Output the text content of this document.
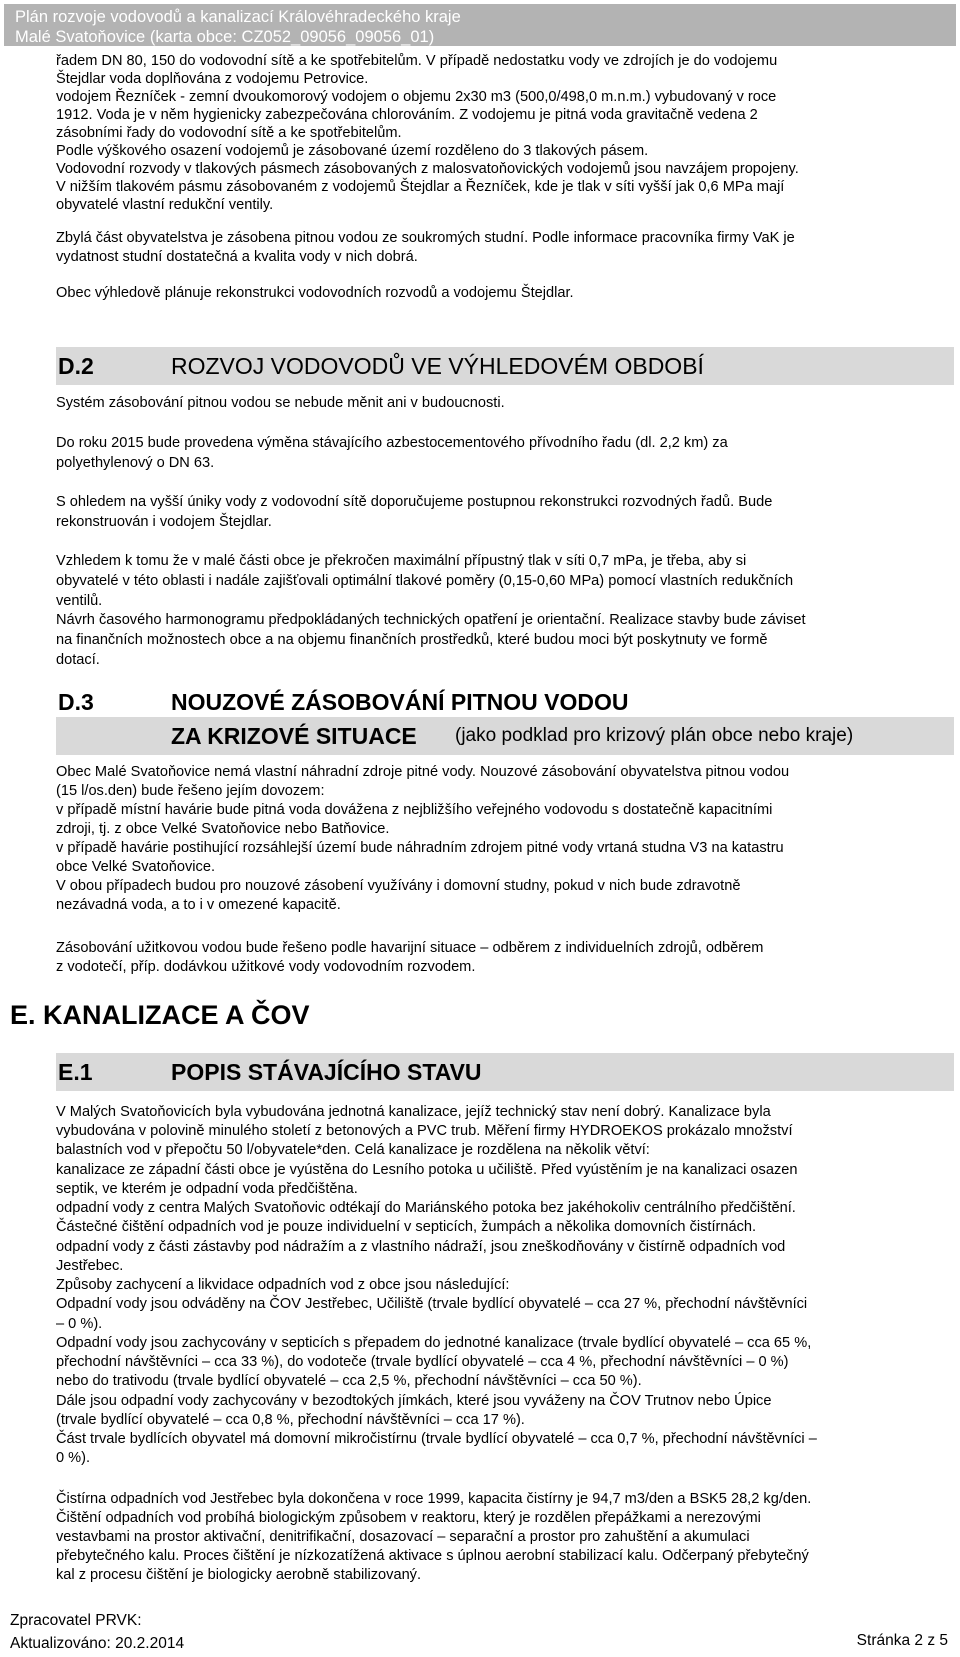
Plán rozvoje vodovodů a kanalizací Královéhradeckého kraje
Malé Svatoňovice (karta obce: CZ052_09056_09056_01)
řadem DN 80, 150 do vodovodní sítě a ke spotřebitelům. V případě nedostatku vody ve zdrojích je do vodojemu
Štejdlar voda doplňována z vodojemu Petrovice.
vodojem Řezníček - zemní dvoukomorový vodojem o objemu 2x30 m3 (500,0/498,0 m.n.m.) vybudovaný v roce
1912. Voda je v něm hygienicky zabezpečována chlorováním. Z vodojemu je pitná voda gravitačně vedena 2
zásobními řady do vodovodní sítě a ke spotřebitelům.
Podle výškového osazení vodojemů je zásobované území rozděleno do 3 tlakových pásem.
Vodovodní rozvody v tlakových pásmech zásobovaných z malosvatoňovických vodojemů jsou navzájem propojeny.
V nižším tlakovém pásmu zásobovaném z vodojemů Štejdlar a Řezníček, kde je tlak v síti vyšší jak 0,6 MPa mají
obyvatelé vlastní redukční ventily.
Zbylá část obyvatelstva je zásobena pitnou vodou ze soukromých studní. Podle informace pracovníka firmy VaK je
vydatnost studní dostatečná a kvalita vody v nich dobrá.
Obec výhledově plánuje rekonstrukci vodovodních rozvodů a vodojemu Štejdlar.
D.2	ROZVOJ VODOVODŮ VE VÝHLEDOVÉM OBDOBÍ
Systém zásobování pitnou vodou se nebude měnit ani v budoucnosti.
Do roku 2015 bude provedena výměna stávajícího azbestocementového přívodního řadu (dl. 2,2 km) za
polyethylenový o DN 63.
S ohledem na vyšší úniky vody z vodovodní sítě doporučujeme postupnou rekonstrukci rozvodných řadů. Bude
rekonstruován i vodojem Štejdlar.
Vzhledem k tomu že v malé části obce je překročen maximální přípustný tlak v síti 0,7 mPa, je třeba, aby si
obyvatelé v této oblasti i nadále zajišťovali optimální tlakové poměry (0,15-0,60 MPa) pomocí vlastních redukčních
ventilů.
Návrh časového harmonogramu předpokládaných technických opatření je orientační. Realizace stavby bude záviset
na finančních možnostech obce a na objemu finančních prostředků, které budou moci být poskytnuty ve formě
dotací.
D.3	NOUZOVÉ ZÁSOBOVÁNÍ PITNOU VODOU
ZA KRIZOVÉ SITUACE (jako podklad pro krizový plán obce nebo kraje)
Obec Malé Svatoňovice nemá vlastní náhradní zdroje pitné vody. Nouzové zásobování obyvatelstva pitnou vodou
(15 l/os.den) bude řešeno jejím dovozem:
v případě místní havárie bude pitná voda dovážena z nejbližšího veřejného vodovodu s dostatečně kapacitními
zdroji, tj. z obce Velké Svatoňovice nebo Batňovice.
v případě havárie postihující rozsáhlejší území bude náhradním zdrojem pitné vody vrtaná studna V3 na katastru
obce Velké Svatoňovice.
V obou případech budou pro nouzové zásobení využívány i domovní studny, pokud v nich bude zdravotně
nezávadná voda, a to i v omezené kapacitě.
Zásobování užitkovou vodou bude řešeno podle havarijní situace – odběrem z individuelních zdrojů, odběrem
z vodotečí, příp. dodávkou užitkové vody vodovodním rozvodem.
E. KANALIZACE A ČOV
E.1	POPIS STÁVAJÍCÍHO STAVU
V Malých Svatoňovicích byla vybudována jednotná kanalizace, jejíž technický stav není dobrý. Kanalizace byla
vybudována v polovině minulého století z betonových a PVC trub. Měření firmy HYDROEKOS prokázalo množství
balastních vod v přepočtu 50 l/obyvatele*den. Celá kanalizace je rozdělena na několik větví:
kanalizace ze západní části obce je vyústěna do Lesního potoka u učiliště. Před vyústěním je na kanalizaci osazen
septik, ve kterém je odpadní voda předčištěna.
odpadní vody z centra Malých Svatoňovic odtékají do Mariánského potoka bez jakéhokoliv centrálního předčištění.
Částečné čištění odpadních vod je pouze individuelní v septicích, žumpách a několika domovních čistírnách.
odpadní vody z části zástavby pod nádražím a z vlastního nádraží, jsou zneškodňovány v čistírně odpadních vod
Jestřebec.
Způsoby zachycení a likvidace odpadních vod z obce jsou následující:
Odpadní vody jsou odváděny na ČOV Jestřebec, Učiliště (trvale bydlící obyvatelé – cca 27 %, přechodní návštěvníci
– 0 %).
Odpadní vody jsou zachycovány v septicích s přepadem do jednotné kanalizace (trvale bydlící obyvatelé – cca 65 %,
přechodní návštěvníci – cca 33 %), do vodoteče (trvale bydlící obyvatelé – cca 4 %, přechodní návštěvníci – 0 %)
nebo do trativodu (trvale bydlící obyvatelé – cca 2,5 %, přechodní návštěvníci – cca 50 %).
Dále jsou odpadní vody zachycovány v bezodtokých jímkách, které jsou vyváženy na ČOV Trutnov nebo Úpice
(trvale bydlící obyvatelé – cca 0,8 %, přechodní návštěvníci – cca 17 %).
Část trvale bydlících obyvatel má domovní mikročistírnu (trvale bydlící obyvatelé – cca 0,7 %, přechodní návštěvníci –
0 %).
Čistírna odpadních vod Jestřebec byla dokončena v roce 1999, kapacita čistírny je 94,7 m3/den a BSK5 28,2 kg/den.
Čištění odpadních vod probíhá biologickým způsobem v reaktoru, který je rozdělen přepážkami a nerezovými
vestavbami na prostor aktivační, denitrifikační, dosazovací – separační a prostor pro zahuštění a akumulaci
přebytečného kalu. Proces čištění je nízkozatížená aktivace s úplnou aerobní stabilizací kalu. Odčerpaný přebytečný
kal z procesu čištění je biologicky aerobně stabilizovaný.
Zpracovatel PRVK:
Aktualizováno: 20.2.2014	Stránka 2 z 5
